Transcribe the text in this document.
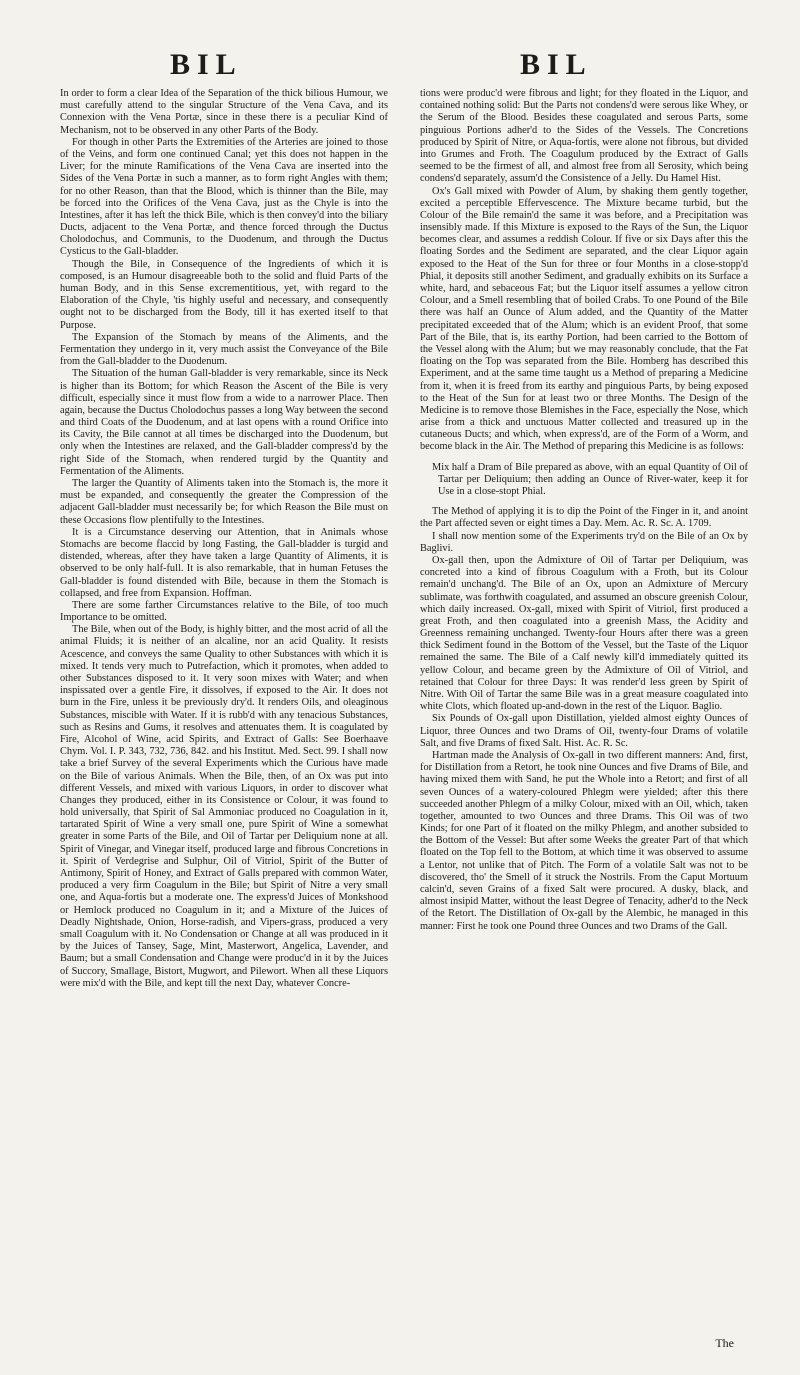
BIL	BIL

In order to form a clear Idea of the Separation of the thick bilious Humour, we must carefully attend to the singular Structure of the Vena Cava, and its Connexion with the Vena Portæ, since in these there is a peculiar Kind of Mechanism, not to be observed in any other Parts of the Body.

For though in other Parts the Extremities of the Arteries are joined to those of the Veins, and form one continued Canal; yet this does not happen in the Liver; for the minute Ramifications of the Vena Cava are inserted into the Sides of the Vena Portæ in such a manner, as to form right Angles with them; for no other Reason, than that the Blood, which is thinner than the Bile, may be forced into the Orifices of the Vena Cava, just as the Chyle is into the Intestines, after it has left the thick Bile, which is then convey'd into the biliary Ducts, adjacent to the Vena Portæ, and thence forced through the Ductus Cholodochus, and Communis, to the Duodenum, and through the Ductus Cysticus to the Gall-bladder.

Though the Bile, in Consequence of the Ingredients of which it is composed, is an Humour disagreeable both to the solid and fluid Parts of the human Body, and in this Sense excrementitious, yet, with regard to the Elaboration of the Chyle, 'tis highly useful and necessary, and consequently ought not to be discharged from the Body, till it has exerted itself to that Purpose.

The Expansion of the Stomach by means of the Aliments, and the Fermentation they undergo in it, very much assist the Conveyance of the Bile from the Gall-bladder to the Duodenum.

The Situation of the human Gall-bladder is very remarkable, since its Neck is higher than its Bottom; for which Reason the Ascent of the Bile is very difficult, especially since it must flow from a wide to a narrower Place. Then again, because the Ductus Cholodochus passes a long Way between the second and third Coats of the Duodenum, and at last opens with a round Orifice into its Cavity, the Bile cannot at all times be discharged into the Duodenum, but only when the Intestines are relaxed, and the Gall-bladder compress'd by the right Side of the Stomach, when rendered turgid by the Quantity and Fermentation of the Aliments.

The larger the Quantity of Aliments taken into the Stomach is, the more it must be expanded, and consequently the greater the Compression of the adjacent Gall-bladder must necessarily be; for which Reason the Bile must on these Occasions flow plentifully to the Intestines.

It is a Circumstance deserving our Attention, that in Animals whose Stomachs are become flaccid by long Fasting, the Gall-bladder is turgid and distended, whereas, after they have taken a large Quantity of Aliments, it is observed to be only half-full. It is also remarkable, that in human Fetuses the Gall-bladder is found distended with Bile, because in them the Stomach is collapsed, and free from Expansion. Hoffman.

There are some farther Circumstances relative to the Bile, of too much Importance to be omitted.

The Bile, when out of the Body, is highly bitter, and the most acrid of all the animal Fluids; it is neither of an alcaline, nor an acid Quality. It resists Acescence, and conveys the same Quality to other Substances with which it is mixed. It tends very much to Putrefaction, which it promotes, when added to other Substances disposed to it. It very soon mixes with Water; and when inspissated over a gentle Fire, it dissolves, if exposed to the Air. It does not burn in the Fire, unless it be previously dry'd. It renders Oils, and oleaginous Substances, miscible with Water. If it is rubb'd with any tenacious Substances, such as Resins and Gums, it resolves and attenuates them. It is coagulated by Fire, Alcohol of Wine, acid Spirits, and Extract of Galls: See Boerhaave Chym. Vol. I. P. 343, 732, 736, 842. and his Institut. Med. Sect. 99. I shall now take a brief Survey of the several Experiments which the Curious have made on the Bile of various Animals. When the Bile, then, of an Ox was put into different Vessels, and mixed with various Liquors, in order to discover what Changes they produced, either in its Consistence or Colour, it was found to hold universally, that Spirit of Sal Ammoniac produced no Coagulation in it, tartarated Spirit of Wine a very small one, pure Spirit of Wine a somewhat greater in some Parts of the Bile, and Oil of Tartar per Deliquium none at all. Spirit of Vinegar, and Vinegar itself, produced large and fibrous Concretions in it. Spirit of Verdegrise and Sulphur, Oil of Vitriol, Spirit of the Butter of Antimony, Spirit of Honey, and Extract of Galls prepared with common Water, produced a very firm Coagulum in the Bile; but Spirit of Nitre a very small one, and Aqua-fortis but a moderate one. The express'd Juices of Monkshood or Hemlock produced no Coagulum in it; and a Mixture of the Juices of Deadly Nightshade, Onion, Horse-radish, and Vipers-grass, produced a very small Coagulum with it. No Condensation or Change at all was produced in it by the Juices of Tansey, Sage, Mint, Masterwort, Angelica, Lavender, and Baum; but a small Condensation and Change were produc'd in it by the Juices of Succory, Smallage, Bistort, Mugwort, and Pilewort. When all these Liquors were mix'd with the Bile, and kept till the next Day, whatever Concre-

tions were produc'd were fibrous and light; for they floated in the Liquor, and contained nothing solid: But the Parts not condens'd were serous like Whey, or the Serum of the Blood. Besides these coagulated and serous Parts, some pinguious Portions adher'd to the Sides of the Vessels. The Concretions produced by Spirit of Nitre, or Aqua-fortis, were alone not fibrous, but divided into Grumes and Froth. The Coagulum produced by the Extract of Galls seemed to be the firmest of all, and almost free from all Serosity, which being condens'd separately, assum'd the Consistence of a Jelly. Du Hamel Hist.

Ox's Gall mixed with Powder of Alum, by shaking them gently together, excited a perceptible Effervescence. The Mixture became turbid, but the Colour of the Bile remain'd the same it was before, and a Precipitation was insensibly made. If this Mixture is exposed to the Rays of the Sun, the Liquor becomes clear, and assumes a reddish Colour. If five or six Days after this the floating Sordes and the Sediment are separated, and the clear Liquor again exposed to the Heat of the Sun for three or four Months in a close-stopp'd Phial, it deposits still another Sediment, and gradually exhibits on its Surface a white, hard, and sebaceous Fat; but the Liquor itself assumes a yellow citron Colour, and a Smell resembling that of boiled Crabs. To one Pound of the Bile there was half an Ounce of Alum added, and the Quantity of the Matter precipitated exceeded that of the Alum; which is an evident Proof, that some Part of the Bile, that is, its earthy Portion, had been carried to the Bottom of the Vessel along with the Alum; but we may reasonably conclude, that the Fat floating on the Top was separated from the Bile. Homberg has described this Experiment, and at the same time taught us a Method of preparing a Medicine from it, when it is freed from its earthy and pinguious Parts, by being exposed to the Heat of the Sun for at least two or three Months. The Design of the Medicine is to remove those Blemishes in the Face, especially the Nose, which arise from a thick and unctuous Matter collected and treasured up in the cutaneous Ducts; and which, when express'd, are of the Form of a Worm, and become black in the Air. The Method of preparing this Medicine is as follows:

Mix half a Dram of Bile prepared as above, with an equal Quantity of Oil of Tartar per Deliquium; then adding an Ounce of River-water, keep it for Use in a close-stopt Phial.

The Method of applying it is to dip the Point of the Finger in it, and anoint the Part affected seven or eight times a Day. Mem. Ac. R. Sc. A. 1709.

I shall now mention some of the Experiments try'd on the Bile of an Ox by Baglivi.

Ox-gall then, upon the Admixture of Oil of Tartar per Deliquium, was concreted into a kind of fibrous Coagulum with a Froth, but its Colour remain'd unchang'd. The Bile of an Ox, upon an Admixture of Mercury sublimate, was forthwith coagulated, and assumed an obscure greenish Colour, which daily increased. Ox-gall, mixed with Spirit of Vitriol, first produced a great Froth, and then coagulated into a greenish Mass, the Acidity and Greenness remaining unchanged. Twenty-four Hours after there was a green thick Sediment found in the Bottom of the Vessel, but the Taste of the Liquor remained the same. The Bile of a Calf newly kill'd immediately quitted its yellow Colour, and became green by the Admixture of Oil of Vitriol, and retained that Colour for three Days: It was render'd less green by Spirit of Nitre. With Oil of Tartar the same Bile was in a great measure coagulated into white Clots, which floated up-and-down in the rest of the Liquor. Baglio.

Six Pounds of Ox-gall upon Distillation, yielded almost eighty Ounces of Liquor, three Ounces and two Drams of Oil, twenty-four Drams of volatile Salt, and five Drams of fixed Salt. Hist. Ac. R. Sc.

Hartman made the Analysis of Ox-gall in two different manners: And, first, for Distillation from a Retort, he took nine Ounces and five Drams of Bile, and having mixed them with Sand, he put the Whole into a Retort; and first of all seven Ounces of a watery-coloured Phlegm were yielded; after this there succeeded another Phlegm of a milky Colour, mixed with an Oil, which, taken together, amounted to two Ounces and three Drams. This Oil was of two Kinds; for one Part of it floated on the milky Phlegm, and another subsided to the Bottom of the Vessel: But after some Weeks the greater Part of that which floated on the Top fell to the Bottom, at which time it was observed to assume a Lentor, not unlike that of Pitch. The Form of a volatile Salt was not to be discovered, tho' the Smell of it struck the Nostrils. From the Caput Mortuum calcin'd, seven Grains of a fixed Salt were procured. A dusky, black, and almost insipid Matter, without the least Degree of Tenacity, adher'd to the Neck of the Retort. The Distillation of Ox-gall by the Alembic, he managed in this manner: First he took one Pound three Ounces and two Drams of the Gall.

The
